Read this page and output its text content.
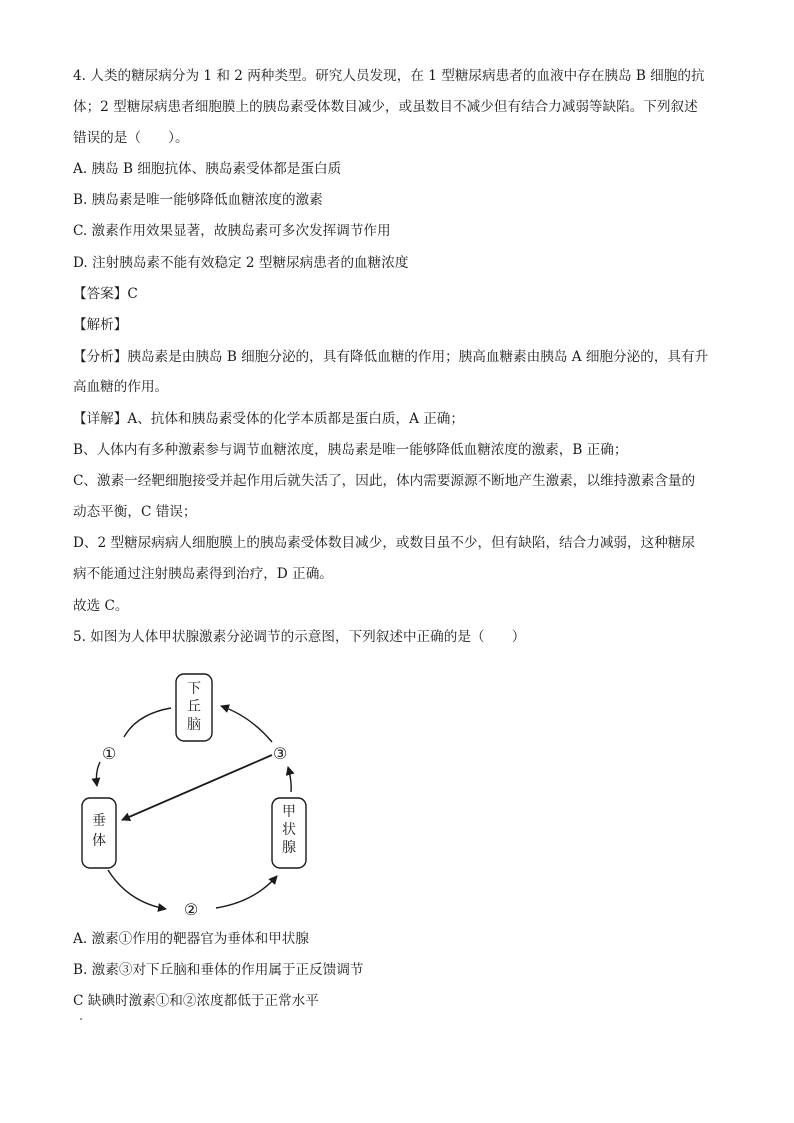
4. 人类的糖尿病分为 1 和 2 两种类型。研究人员发现，在 1 型糖尿病患者的血液中存在胰岛 B 细胞的抗
体；2 型糖尿病患者细胞膜上的胰岛素受体数目减少，或虽数目不减少但有结合力减弱等缺陷。下列叙述
错误的是（　　）。
A. 胰岛 B 细胞抗体、胰岛素受体都是蛋白质
B. 胰岛素是唯一能够降低血糖浓度的激素
C. 激素作用效果显著，故胰岛素可多次发挥调节作用
D. 注射胰岛素不能有效稳定 2 型糖尿病患者的血糖浓度
【答案】C
【解析】
【分析】胰岛素是由胰岛 B 细胞分泌的，具有降低血糖的作用；胰高血糖素由胰岛 A 细胞分泌的，具有升
高血糖的作用。
【详解】A、抗体和胰岛素受体的化学本质都是蛋白质，A 正确；
B、人体内有多种激素参与调节血糖浓度，胰岛素是唯一能够降低血糖浓度的激素，B 正确；
C、激素一经靶细胞接受并起作用后就失活了，因此，体内需要源源不断地产生激素，以维持激素含量的
动态平衡，C 错误；
D、2 型糖尿病病人细胞膜上的胰岛素受体数目减少，或数目虽不少，但有缺陷，结合力减弱，这种糖尿
病不能通过注射胰岛素得到治疗，D 正确。
故选 C。
5. 如图为人体甲状腺激素分泌调节的示意图，下列叙述中正确的是（　　）
下
丘
脑
垂
体
甲
状
腺
①
②
③
A. 激素①作用的靶器官为垂体和甲状腺
B. 激素③对下丘脑和垂体的作用属于正反馈调节
C 缺碘时激素①和②浓度都低于正常水平
